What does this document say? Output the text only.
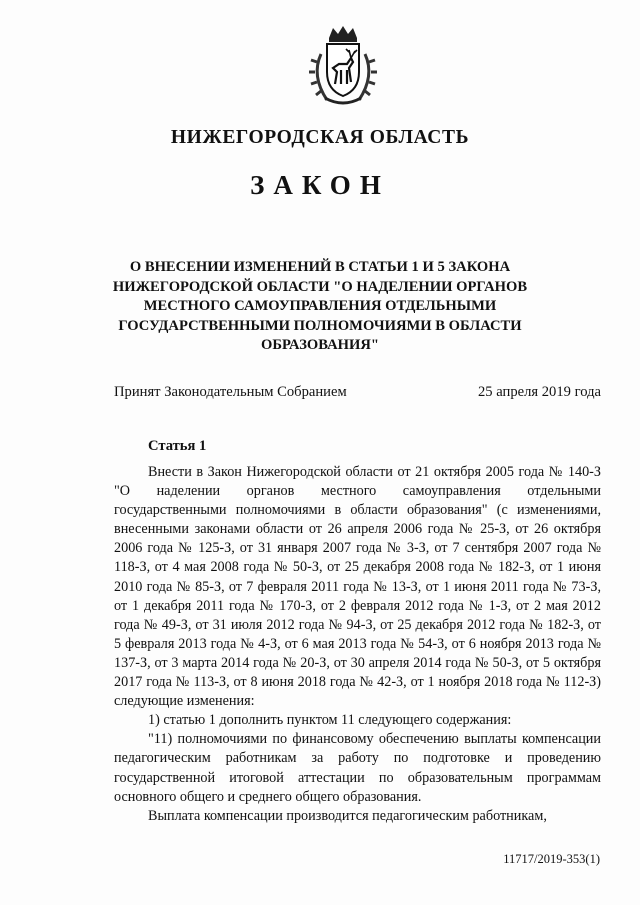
НИЖЕГОРОДСКАЯ ОБЛАСТЬ
ЗАКОН
О ВНЕСЕНИИ ИЗМЕНЕНИЙ В СТАТЬИ 1 И 5 ЗАКОНА
НИЖЕГОРОДСКОЙ ОБЛАСТИ "О НАДЕЛЕНИИ ОРГАНОВ
МЕСТНОГО САМОУПРАВЛЕНИЯ ОТДЕЛЬНЫМИ
ГОСУДАРСТВЕННЫМИ ПОЛНОМОЧИЯМИ В ОБЛАСТИ
ОБРАЗОВАНИЯ"
Принят Законодательным Собранием	25 апреля 2019 года
Статья 1

Внести в Закон Нижегородской области от 21 октября 2005 года № 140-З "О наделении органов местного самоуправления отдельными государственными полномочиями в области образования" (с изменениями, внесенными законами области от 26 апреля 2006 года № 25-З, от 26 октября 2006 года № 125-З, от 31 января 2007 года № 3-З, от 7 сентября 2007 года № 118-З, от 4 мая 2008 года № 50-З, от 25 декабря 2008 года № 182-З, от 1 июня 2010 года № 85-З, от 7 февраля 2011 года № 13-З, от 1 июня 2011 года № 73-З, от 1 декабря 2011 года № 170-З, от 2 февраля 2012 года № 1-З, от 2 мая 2012 года № 49-З, от 31 июля 2012 года № 94-З, от 25 декабря 2012 года № 182-З, от 5 февраля 2013 года № 4-З, от 6 мая 2013 года № 54-З, от 6 ноября 2013 года № 137-З, от 3 марта 2014 года № 20-З, от 30 апреля 2014 года № 50-З, от 5 октября 2017 года № 113-З, от 8 июня 2018 года № 42-З, от 1 ноября 2018 года № 112-З) следующие изменения:

1) статью 1 дополнить пунктом 11 следующего содержания:

"11) полномочиями по финансовому обеспечению выплаты компенсации педагогическим работникам за работу по подготовке и проведению государственной итоговой аттестации по образовательным программам основного общего и среднего общего образования.

Выплата компенсации производится педагогическим работникам,

11717/2019-353(1)
